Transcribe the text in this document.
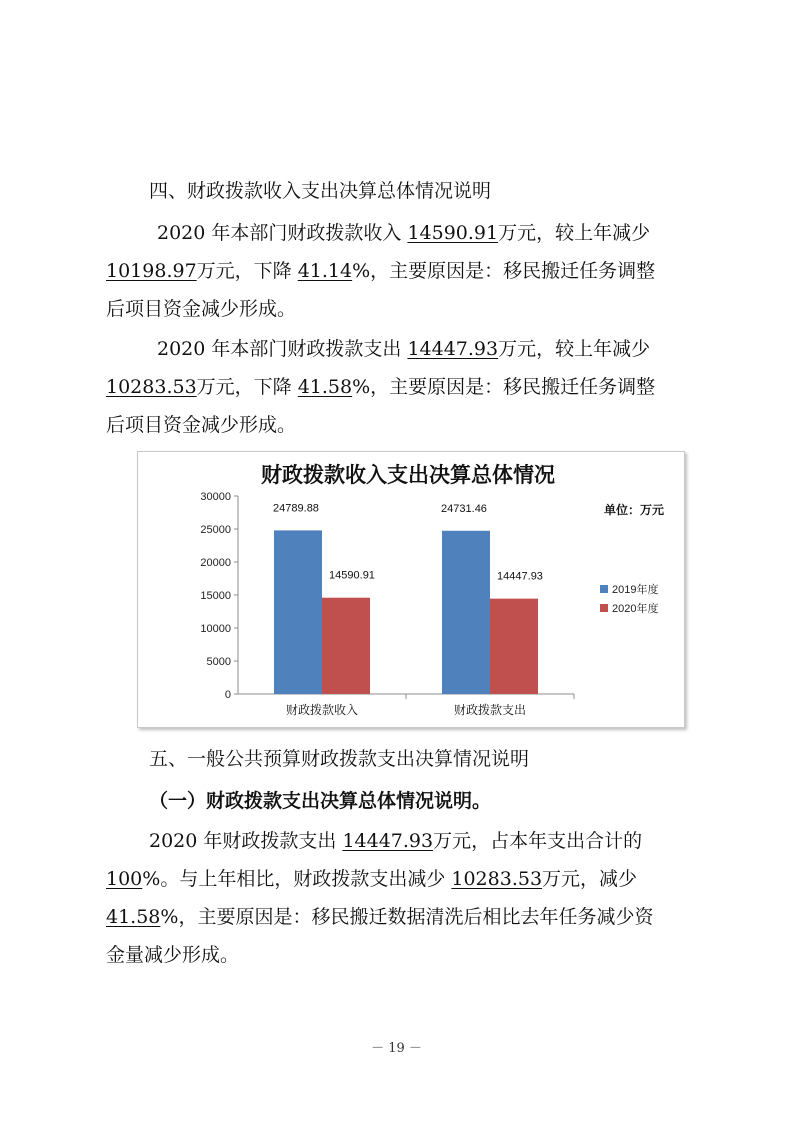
四、财政拨款收入支出决算总体情况说明
2020 年本部门财政拨款收入 14590.91万元，较上年减少
10198.97万元，下降 41.14%，主要原因是：移民搬迁任务调整
后项目资金减少形成。
2020 年本部门财政拨款支出 14447.93万元，较上年减少
10283.53万元，下降 41.58%，主要原因是：移民搬迁任务调整
后项目资金减少形成。
财政拨款收入支出决算总体情况
单位：万元
0
5000
10000
15000
20000
25000
30000
财政拨款收入	财政拨款支出
24789.88
14590.91
24731.46
14447.93
2019年度
2020年度
五、一般公共预算财政拨款支出决算情况说明
（一）财政拨款支出决算总体情况说明。
2020 年财政拨款支出 14447.93万元，占本年支出合计的
100%。与上年相比，财政拨款支出减少 10283.53万元，减少
41.58%，主要原因是：移民搬迁数据清洗后相比去年任务减少资
金量减少形成。
－ 19 －
